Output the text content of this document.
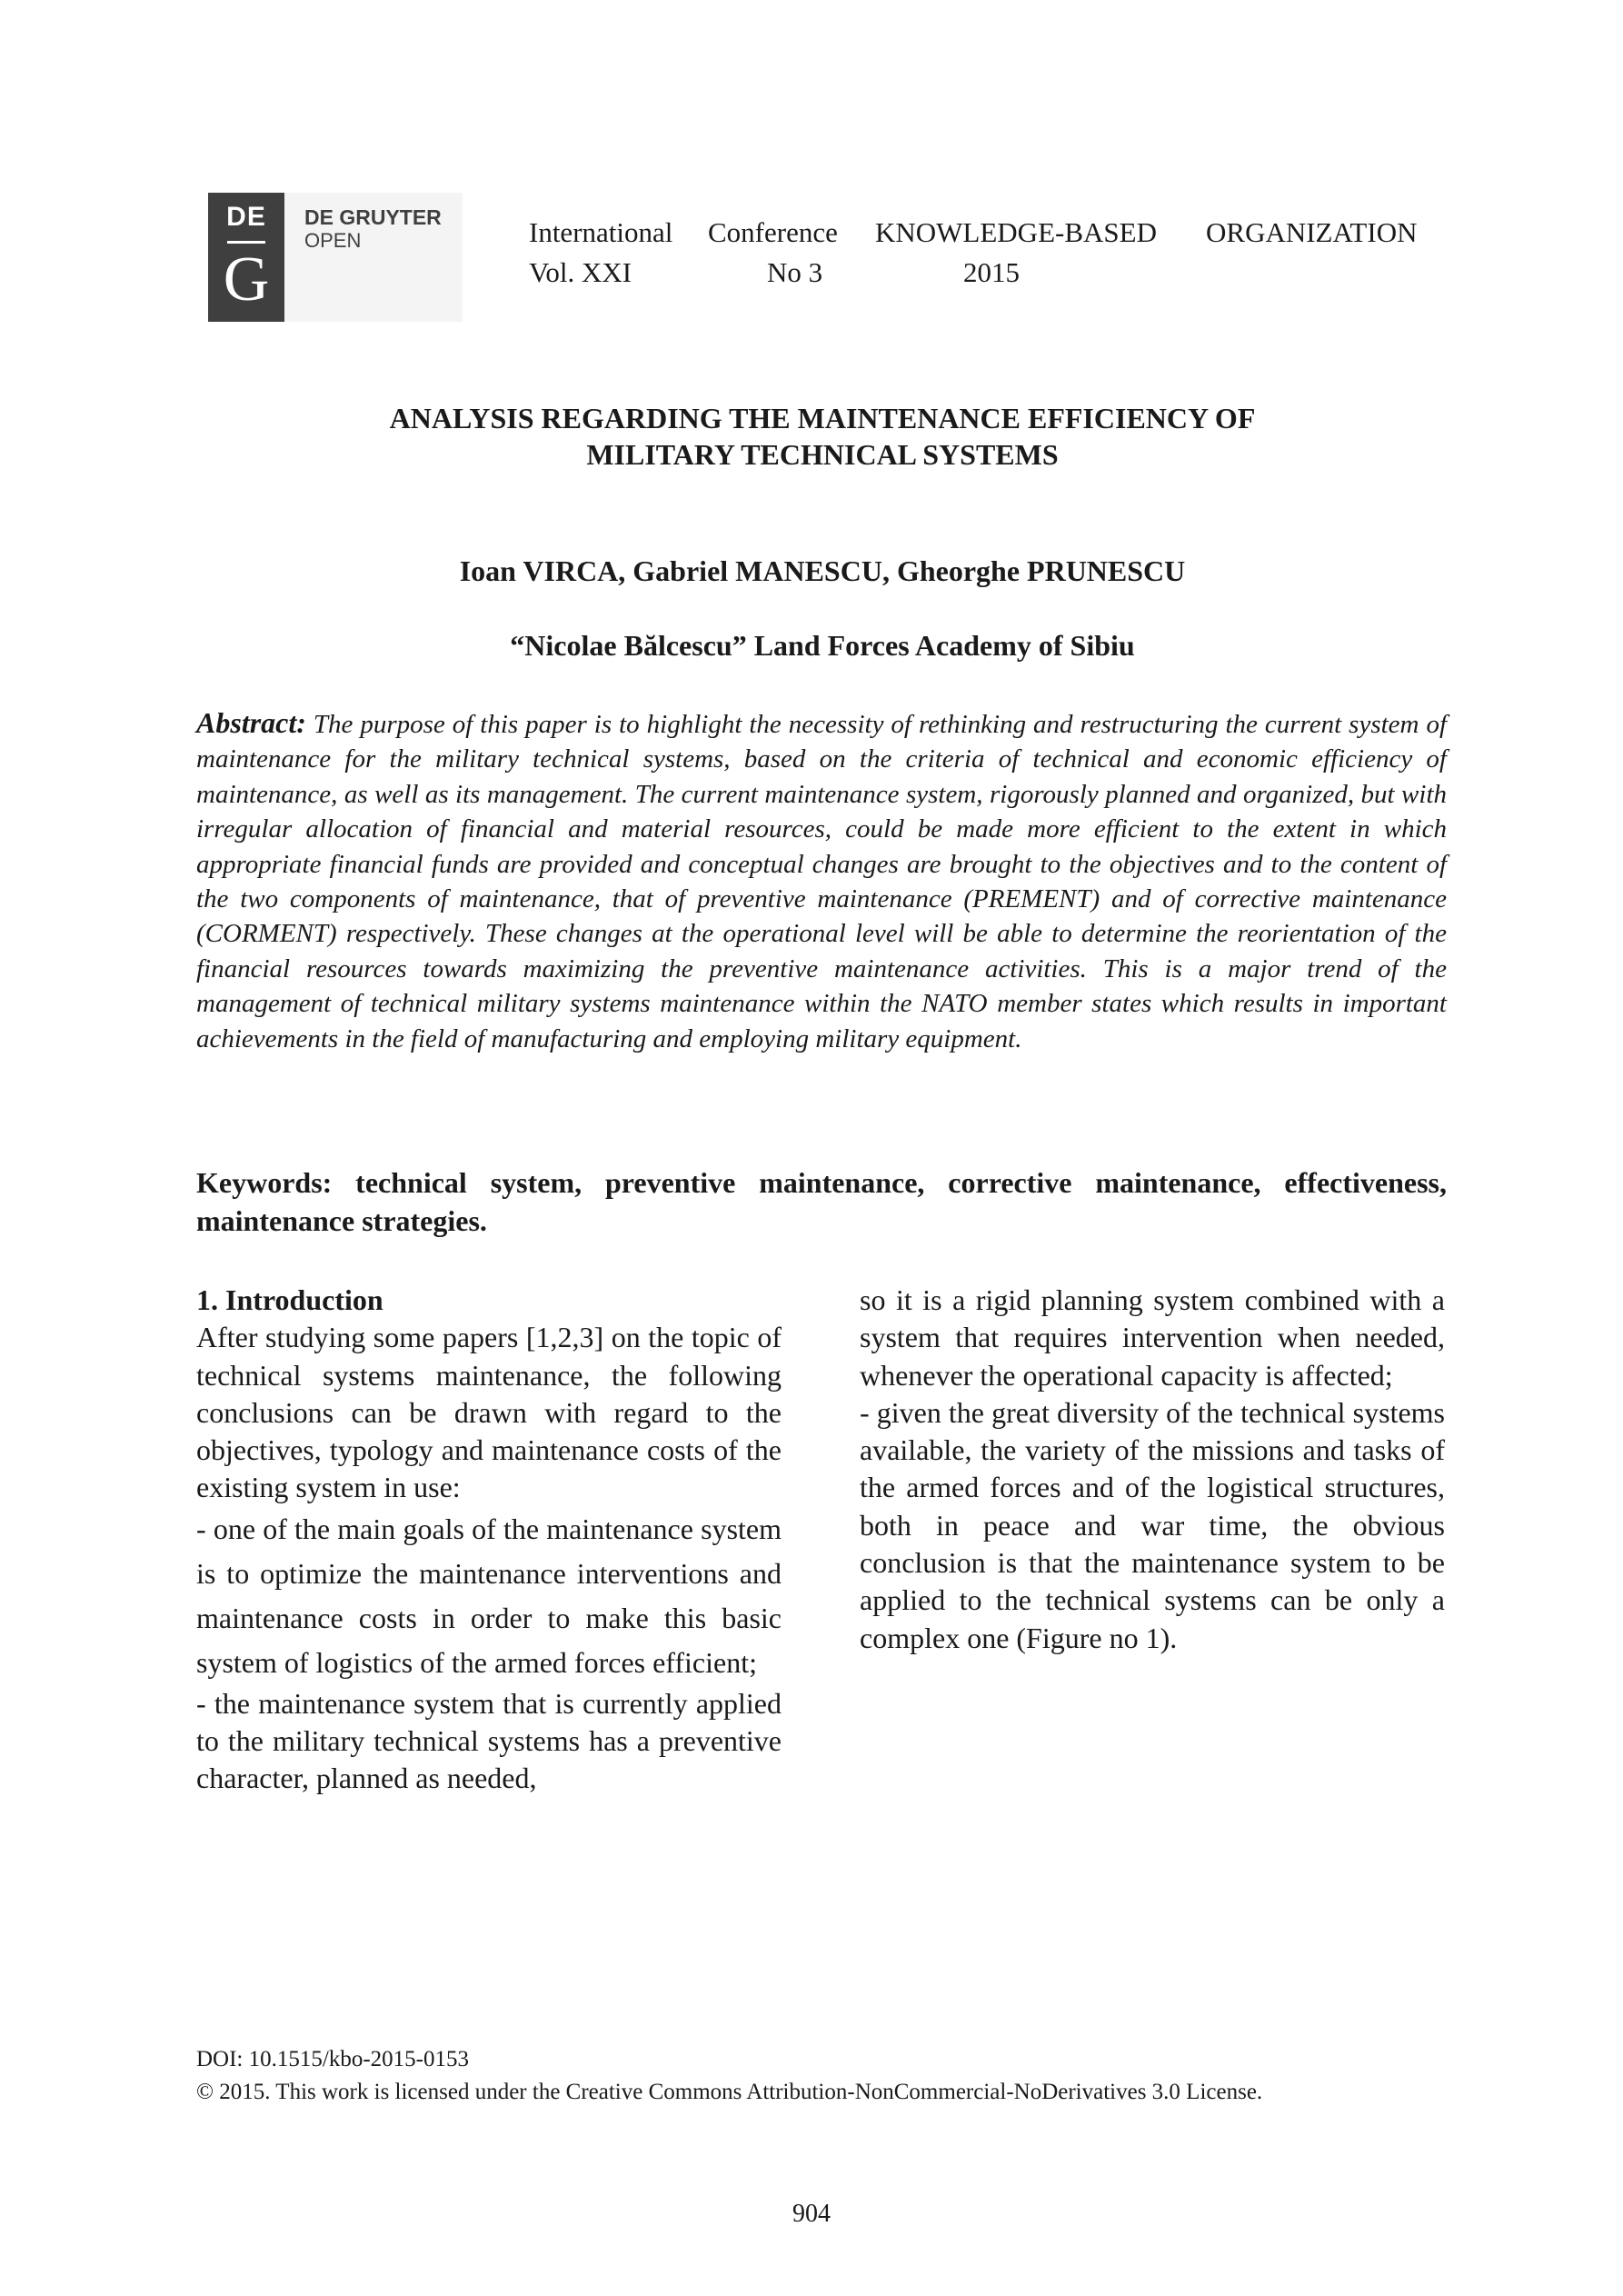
DE
G
DE GRUYTER
OPEN	International Conference KNOWLEDGE-BASED ORGANIZATION
Vol. XXI	No 3	2015
ANALYSIS REGARDING THE MAINTENANCE EFFICIENCY OF
MILITARY TECHNICAL SYSTEMS
Ioan VIRCA, Gabriel MANESCU, Gheorghe PRUNESCU
“Nicolae Bălcescu” Land Forces Academy of Sibiu
Abstract: The purpose of this paper is to highlight the necessity of rethinking and restructuring the current system of maintenance for the military technical systems, based on the criteria of technical and economic efficiency of maintenance, as well as its management. The current maintenance system, rigorously planned and organized, but with irregular allocation of financial and material resources, could be made more efficient to the extent in which appropriate financial funds are provided and conceptual changes are brought to the objectives and to the content of the two components of maintenance, that of preventive maintenance (PREMENT) and of corrective maintenance (CORMENT) respectively. These changes at the operational level will be able to determine the reorientation of the financial resources towards maximizing the preventive maintenance activities. This is a major trend of the management of technical military systems maintenance within the NATO member states which results in important achievements in the field of manufacturing and employing military equipment.
Keywords: technical system, preventive maintenance, corrective maintenance, effectiveness, maintenance strategies.

1. Introduction

After studying some papers [1,2,3] on the topic of technical systems maintenance, the following conclusions can be drawn with regard to the objectives, typology and maintenance costs of the existing system in use:

- one of the main goals of the maintenance system is to optimize the maintenance interventions and maintenance costs in order to make this basic system of logistics of the armed forces efficient;

- the maintenance system that is currently applied to the military technical systems has a preventive character, planned as needed,

so it is a rigid planning system combined with a system that requires intervention when needed, whenever the operational capacity is affected;

- given the great diversity of the technical systems available, the variety of the missions and tasks of the armed forces and of the logistical structures, both in peace and war time, the obvious conclusion is that the maintenance system to be applied to the technical systems can be only a complex one (Figure no 1).

DOI: 10.1515/kbo-2015-0153
© 2015. This work is licensed under the Creative Commons Attribution-NonCommercial-NoDerivatives 3.0 License.
904
